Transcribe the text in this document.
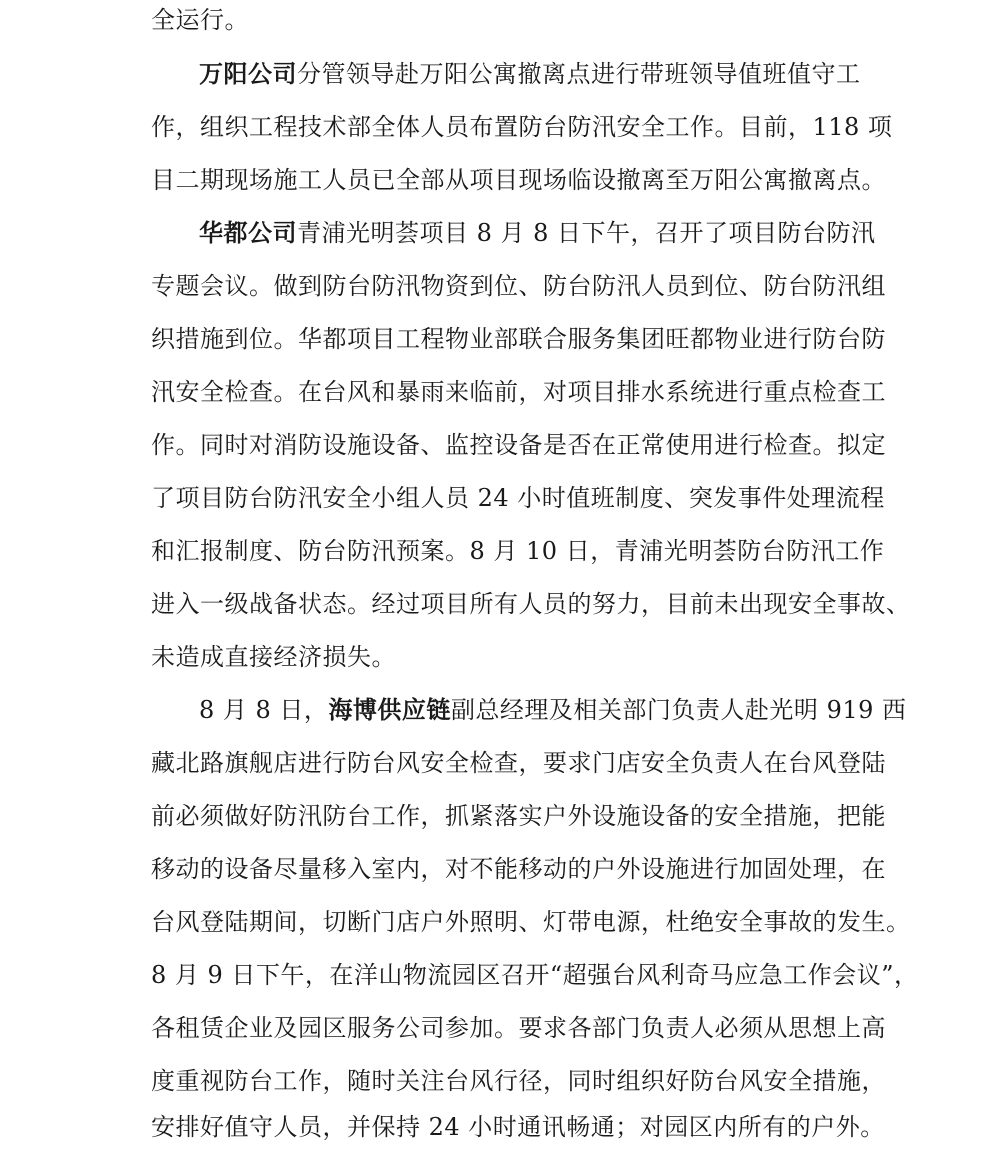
全运行。
万阳公司分管领导赴万阳公寓撤离点进行带班领导值班值守工
作，组织工程技术部全体人员布置防台防汛安全工作。目前，118 项
目二期现场施工人员已全部从项目现场临设撤离至万阳公寓撤离点。
华都公司青浦光明荟项目 8 月 8 日下午，召开了项目防台防汛
专题会议。做到防台防汛物资到位、防台防汛人员到位、防台防汛组
织措施到位。华都项目工程物业部联合服务集团旺都物业进行防台防
汛安全检查。在台风和暴雨来临前，对项目排水系统进行重点检查工
作。同时对消防设施设备、监控设备是否在正常使用进行检查。拟定
了项目防台防汛安全小组人员 24 小时值班制度、突发事件处理流程
和汇报制度、防台防汛预案。8 月 10 日，青浦光明荟防台防汛工作
进入一级战备状态。经过项目所有人员的努力，目前未出现安全事故、
未造成直接经济损失。
8 月 8 日，海博供应链副总经理及相关部门负责人赴光明 919 西
藏北路旗舰店进行防台风安全检查，要求门店安全负责人在台风登陆
前必须做好防汛防台工作，抓紧落实户外设施设备的安全措施，把能
移动的设备尽量移入室内，对不能移动的户外设施进行加固处理，在
台风登陆期间，切断门店户外照明、灯带电源，杜绝安全事故的发生。
8 月 9 日下午，在洋山物流园区召开“超强台风利奇马应急工作会议”，
各租赁企业及园区服务公司参加。要求各部门负责人必须从思想上高
度重视防台工作，随时关注台风行径，同时组织好防台风安全措施，
安排好值守人员，并保持 24 小时通讯畅通；对园区内所有的户外。
